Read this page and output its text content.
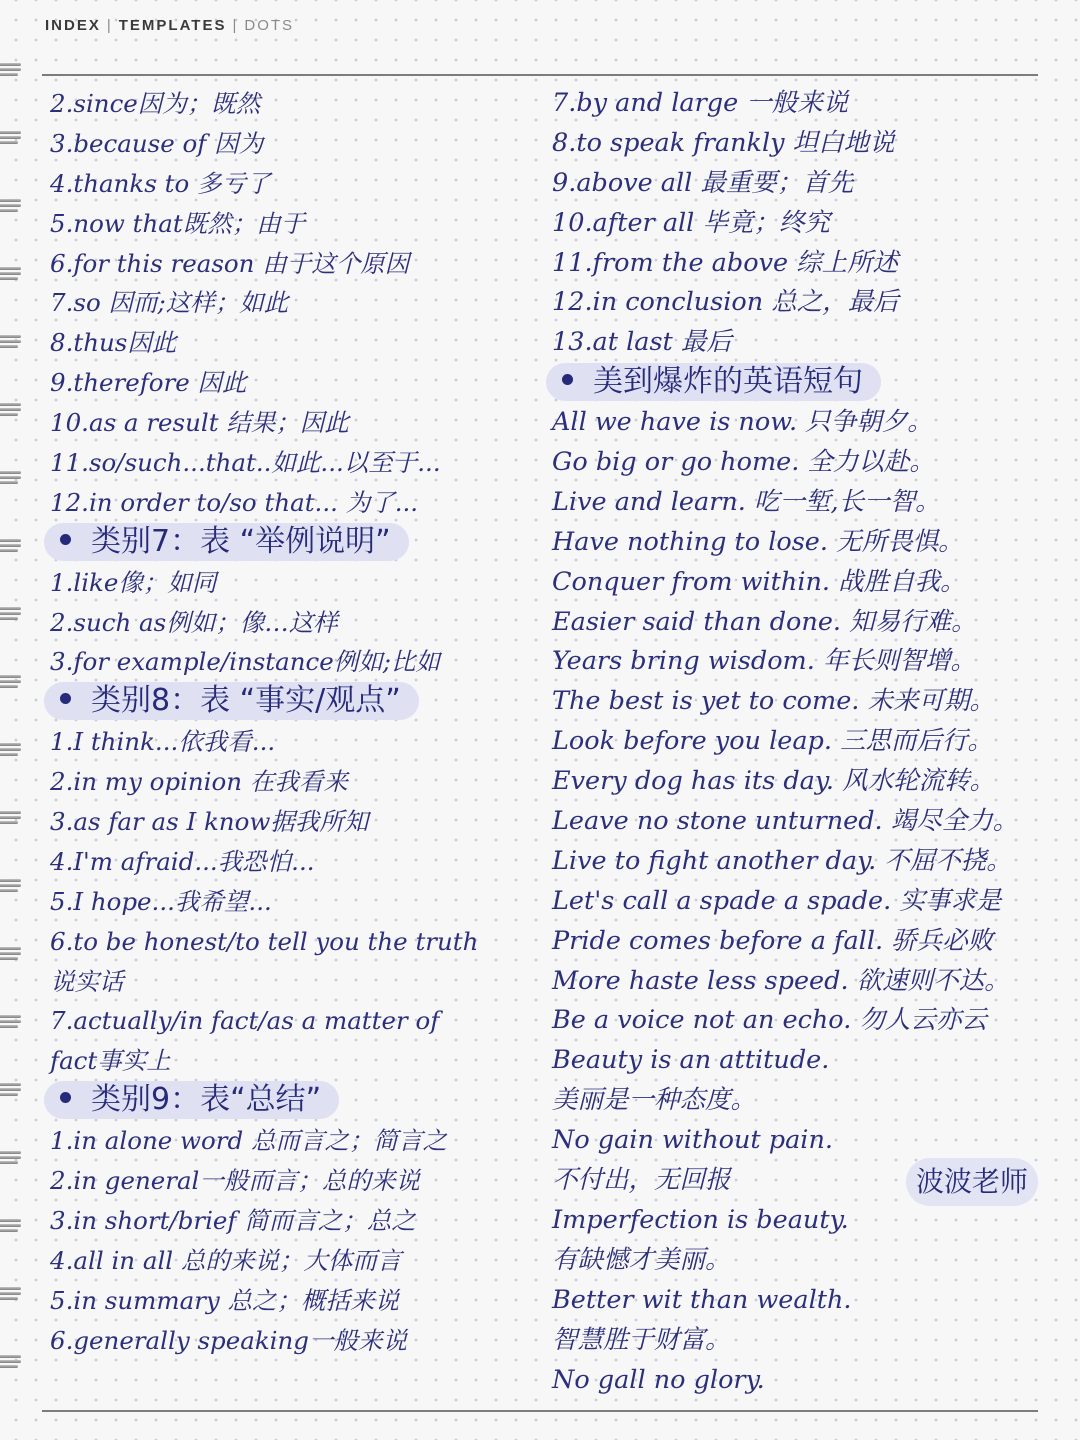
INDEX | TEMPLATES | DOTS
2.since因为；既然
3.because of 因为
4.thanks to 多亏了
5.now that既然；由于
6.for this reason 由于这个原因
7.so 因而;这样；如此
8.thus因此
9.therefore 因此
10.as a result 结果；因此
11.so/such...that..如此...以至于...
12.in order to/so that... 为了...
类别7：表 “举例说明”
1.like像；如同
2.such as例如；像…这样
3.for example/instance例如;比如
类别8：表 “事实/观点”
1.I think...依我看...
2.in my opinion 在我看来
3.as far as I know据我所知
4.I'm afraid...我恐怕...
5.I hope...我希望...
6.to be honest/to tell you the truth
说实话
7.actually/in fact/as a matter of
fact事实上
类别9：表“总结”
1.in alone word 总而言之；简言之
2.in general一般而言；总的来说
3.in short/brief 简而言之；总之
4.all in all 总的来说；大体而言
5.in summary 总之；概括来说
6.generally speaking一般来说
7.by and large 一般来说
8.to speak frankly 坦白地说
9.above all 最重要；首先
10.after all 毕竟；终究
11.from the above 综上所述
12.in conclusion 总之，最后
13.at last 最后
美到爆炸的英语短句
All we have is now. 只争朝夕。
Go big or go home. 全力以赴。
Live and learn. 吃一堑,长一智。
Have nothing to lose. 无所畏惧。
Conquer from within. 战胜自我。
Easier said than done. 知易行难。
Years bring wisdom. 年长则智增。
The best is yet to come. 未来可期。
Look before you leap. 三思而后行。
Every dog has its day. 风水轮流转。
Leave no stone unturned. 竭尽全力。
Live to fight another day. 不屈不挠。
Let's call a spade a spade. 实事求是
Pride comes before a fall. 骄兵必败
More haste less speed. 欲速则不达。
Be a voice not an echo. 勿人云亦云
Beauty is an attitude.
美丽是一种态度。
No gain without pain.
不付出，无回报
Imperfection is beauty.
有缺憾才美丽。
Better wit than wealth.
智慧胜于财富。
No gall no glory.
波波老师
